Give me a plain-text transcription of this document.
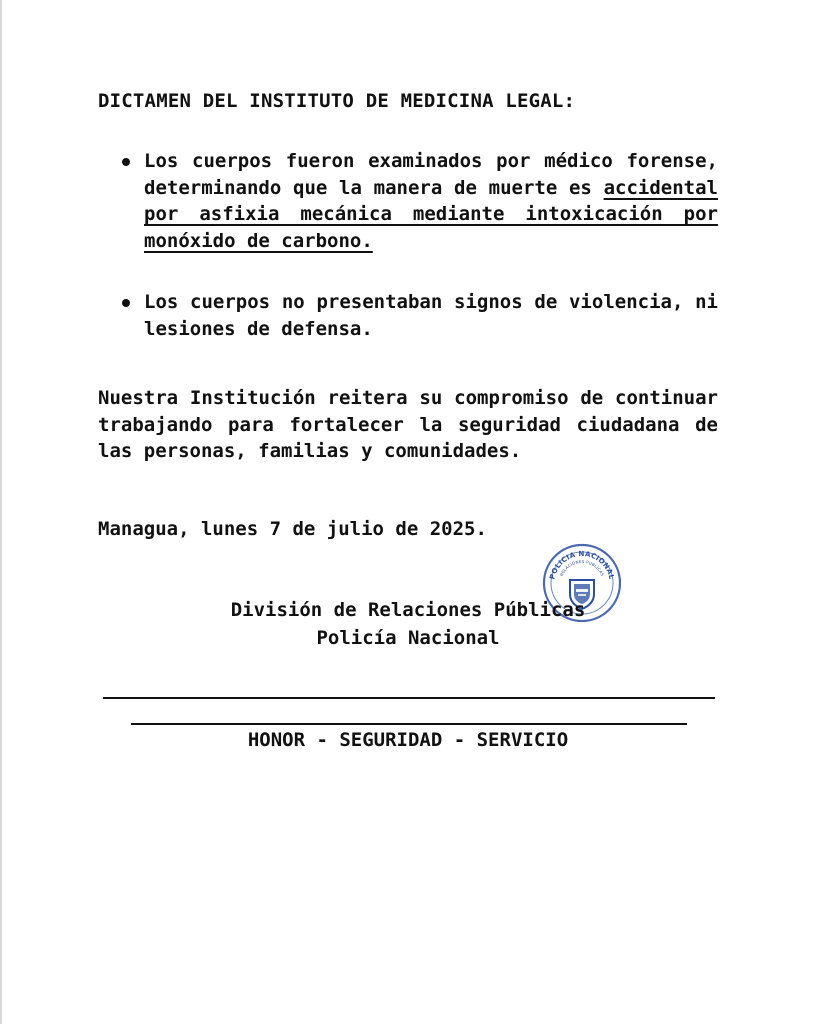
DICTAMEN DEL INSTITUTO DE MEDICINA LEGAL:
Los cuerpos fueron examinados por médico forense, determinando que la manera de muerte es accidental por asfixia mecánica mediante intoxicación por monóxido de carbono.
Los cuerpos no presentaban signos de violencia, ni lesiones de defensa.

Nuestra Institución reitera su compromiso de continuar trabajando para fortalecer la seguridad ciudadana de las personas, familias y comunidades.

Managua, lunes 7 de julio de 2025.

POLICIA NACIONAL
RELACIONES PUBLICAS
División de Relaciones Públicas
Policía Nacional
HONOR - SEGURIDAD - SERVICIO
